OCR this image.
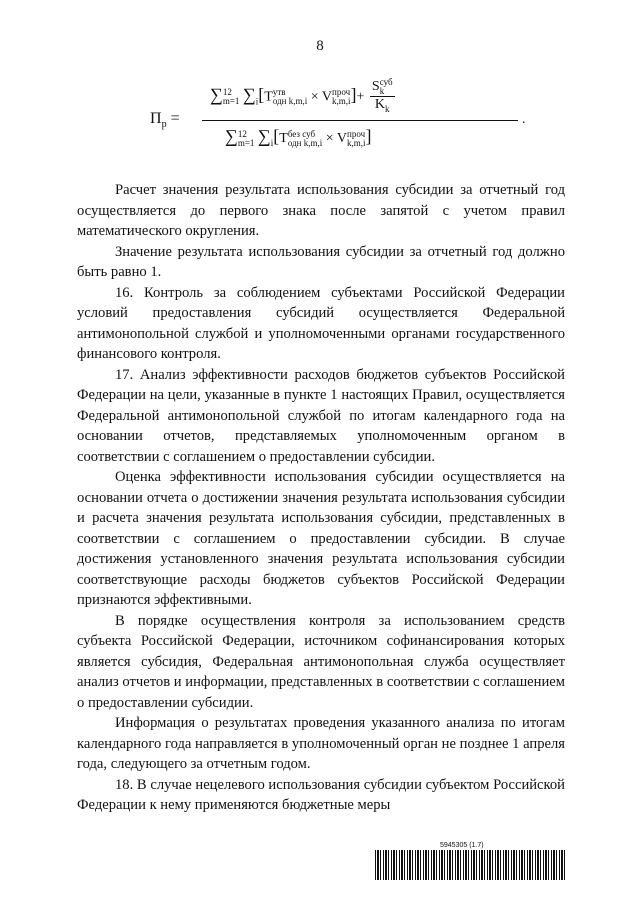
8
$П_р$ =
∑12
m=1 $\sum_i[Tутв$
одн k,m,i × Vпроч
k,m,i]+
Sсуб
k
$K_k$
∑12
m=1 $\sum_i[Tбез$ суб
одн k,m,i × Vпроч
k,m,i]
.

Расчет значения результата использования субсидии за отчетный год осуществляется до первого знака после запятой с учетом правил математического округления.

Значение результата использования субсидии за отчетный год должно быть равно 1.

16. Контроль за соблюдением субъектами Российской Федерации условий предоставления субсидий осуществляется Федеральной антимонопольной службой и уполномоченными органами государственного финансового контроля.

17. Анализ эффективности расходов бюджетов субъектов Российской Федерации на цели, указанные в пункте 1 настоящих Правил, осуществляется Федеральной антимонопольной службой по итогам календарного года на основании отчетов, представляемых уполномоченным органом в соответствии с соглашением о предоставлении субсидии.

Оценка эффективности использования субсидии осуществляется на основании отчета о достижении значения результата использования субсидии и расчета значения результата использования субсидии, представленных в соответствии с соглашением о предоставлении субсидии. В случае достижения установленного значения результата использования субсидии соответствующие расходы бюджетов субъектов Российской Федерации признаются эффективными.

В порядке осуществления контроля за использованием средств субъекта Российской Федерации, источником софинансирования которых является субсидия, Федеральная антимонопольная служба осуществляет анализ отчетов и информации, представленных в соответствии с соглашением о предоставлении субсидии.

Информация о результатах проведения указанного анализа по итогам календарного года направляется в уполномоченный орган не позднее 1 апреля года, следующего за отчетным годом.

18. В случае нецелевого использования субсидии субъектом Российской Федерации к нему применяются бюджетные меры

5945305 (1.7)
